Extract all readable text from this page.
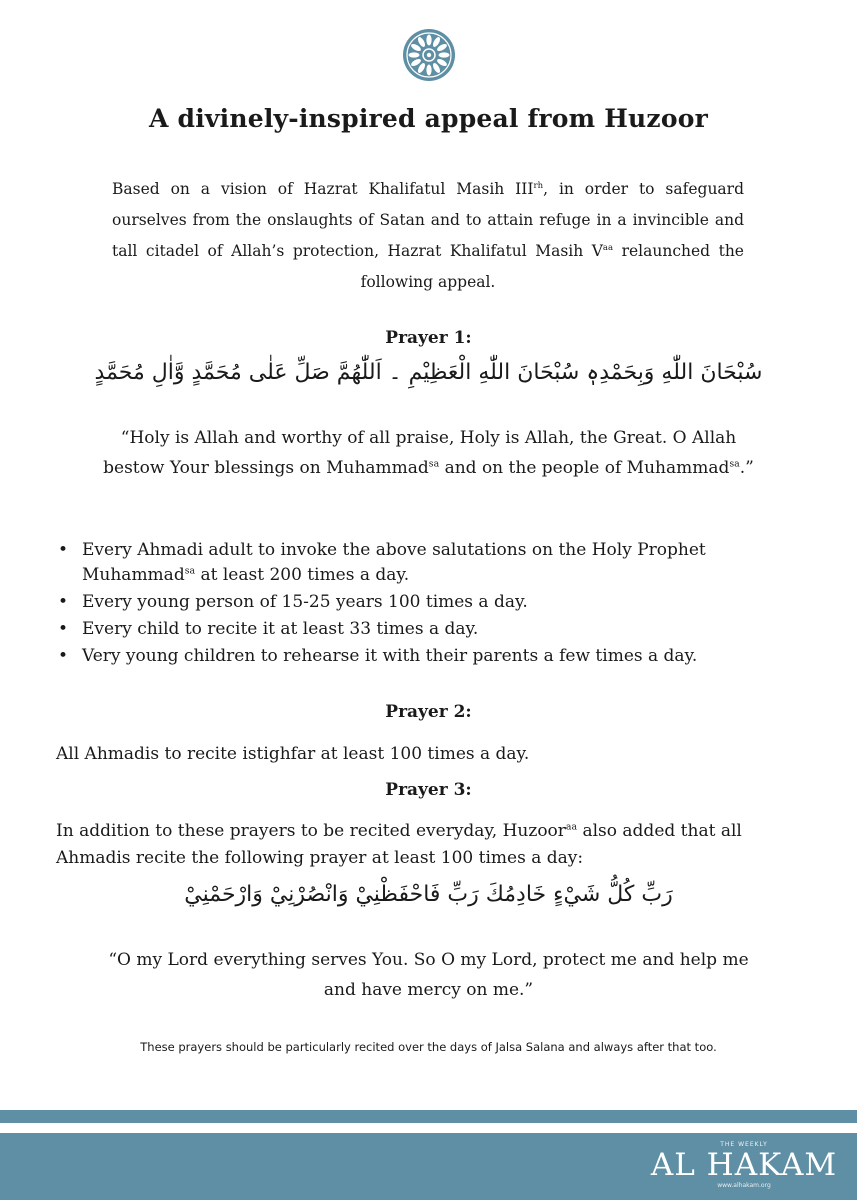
A divinely-inspired appeal from Huzoor

Based on a vision of Hazrat Khalifatul Masih $III^{rh}$, in order to safeguard ourselves from the onslaughts of Satan and to attain refuge in a invincible and tall citadel of Allah’s protection, Hazrat Khalifatul Masih $V^{aa}$ relaunched the following appeal.

Prayer 1:

سُبْحَانَ اللّٰهِ وَبِحَمْدِهٖ سُبْحَانَ اللّٰهِ الْعَظِيْمِ ۔ اَللّٰهُمَّ صَلِّ عَلٰى مُحَمَّدٍ وَّاٰلِ مُحَمَّدٍ

“Holy is Allah and worthy of all praise, Holy is Allah, the Great. O Allah bestow Your blessings on Muhammad$^{sa}$ and on the people of Muhammad$^{sa}$.”

• Every Ahmadi adult to invoke the above salutations on the Holy Prophet Muhammad$^{sa}$ at least 200 times a day.
• Every young person of 15-25 years 100 times a day.
• Every child to recite it at least 33 times a day.
• Very young children to rehearse it with their parents a few times a day.
Prayer 2:

All Ahmadis to recite istighfar at least 100 times a day.

Prayer 3:

In addition to these prayers to be recited everyday, Huzoor$^{aa}$ also added that all Ahmadis recite the following prayer at least 100 times a day:

رَبِّ كُلُّ شَيْءٍ خَادِمُكَ رَبِّ فَاحْفَظْنِيْ وَانْصُرْنِيْ وَارْحَمْنِيْ

“O my Lord everything serves You. So O my Lord, protect me and help me and have mercy on me.”

These prayers should be particularly recited over the days of Jalsa Salana and always after that too.

THE WEEKLY
AL HAKAM
www.alhakam.org
